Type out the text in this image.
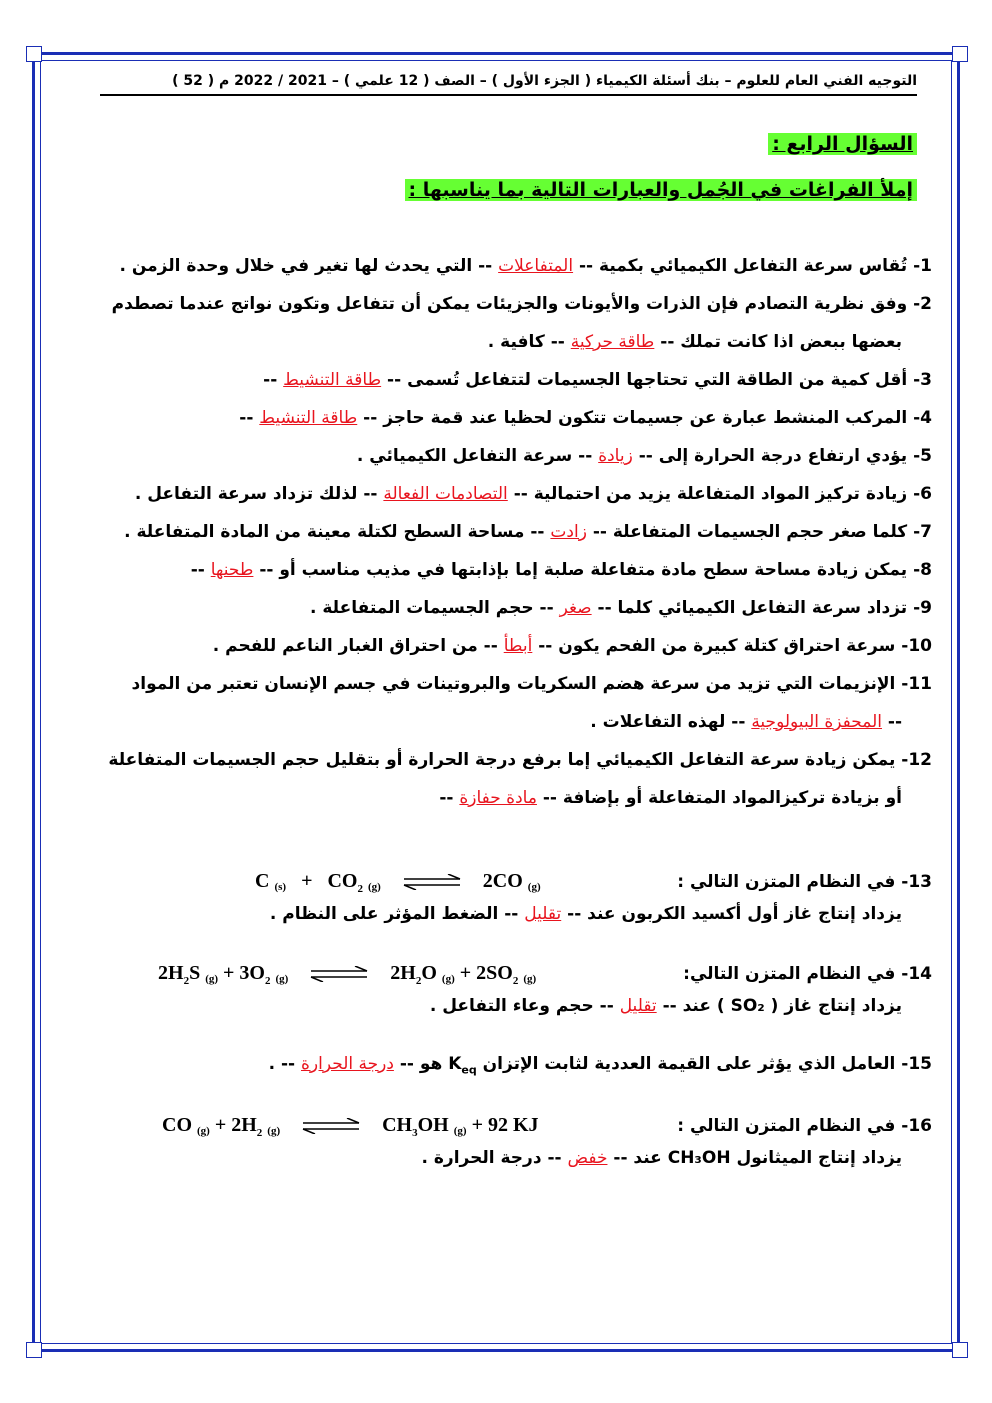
التوجيه الفني العام للعلوم – بنك أسئلة الكيمياء ( الجزء الأول ) – الصف ( 12 علمي ) – 2021 / 2022 م ( 52 )
السؤال الرابع :
إملأ الفراغات في الجُمل والعبارات التالية بما يناسبها :
1- تُقاس سرعة التفاعل الكيميائي بكمية -- المتفاعلات -- التي يحدث لها تغير في خلال وحدة الزمن .
2- وفق نظرية التصادم فإن الذرات والأيونات والجزيئات يمكن أن تتفاعل وتكون نواتج عندما تصطدم
بعضها ببعض اذا كانت تملك -- طاقة حركية -- كافية .
3- أقل كمية من الطاقة التي تحتاجها الجسيمات لتتفاعل تُسمى -- طاقة التنشيط --
4- المركب المنشط عبارة عن جسيمات تتكون لحظيا عند قمة حاجز -- طاقة التنشيط --
5- يؤدي ارتفاع درجة الحرارة إلى -- زيادة -- سرعة التفاعل الكيميائي .
6- زيادة تركيز المواد المتفاعلة يزيد من احتمالية -- التصادمات الفعالة -- لذلك تزداد سرعة التفاعل .
7- كلما صغر حجم الجسيمات المتفاعلة -- زادت -- مساحة السطح لكتلة معينة من المادة المتفاعلة .
8- يمكن زيادة مساحة سطح مادة متفاعلة صلبة إما بإذابتها في مذيب مناسب أو -- طحنها --
9- تزداد سرعة التفاعل الكيميائي كلما -- صغر -- حجم الجسيمات المتفاعلة .
10- سرعة احتراق كتلة كبيرة من الفحم يكون -- أبطأ -- من احتراق الغبار الناعم للفحم .
11- الإنزيمات التي تزيد من سرعة هضم السكريات والبروتينات في جسم الإنسان تعتبر من المواد
-- المحفزة البيولوجية -- لهذه التفاعلات .
12- يمكن زيادة سرعة التفاعل الكيميائي إما برفع درجة الحرارة أو بتقليل حجم الجسيمات المتفاعلة
أو بزيادة تركيزالمواد المتفاعلة أو بإضافة -- مادة حفازة --
13- في النظام المتزن التالي :
C $(s) + CO_2$ (g) ⇌ 2CO (g)
يزداد إنتاج غاز أول أكسيد الكربون عند -- تقليل -- الضغط المؤثر على النظام .
14- في النظام المتزن التالي:
$2H_2S$ $(g) + 3O_2$ (g) ⇌ $2H_2O$ $(g) + 2SO_2$ (g)
يزداد إنتاج غاز ( SO₂ ) عند -- تقليل -- حجم وعاء التفاعل .
15- العامل الذي يؤثر على القيمة العددية لثابت الإتزان $K_{eq}$ هو -- درجة الحرارة -- .
16- في النظام المتزن التالي :
CO $(g) + 2H_2$ (g) ⇌ $CH_3OH$ (g) + 92 KJ
يزداد إنتاج الميثانول CH₃OH عند -- خفض -- درجة الحرارة .
